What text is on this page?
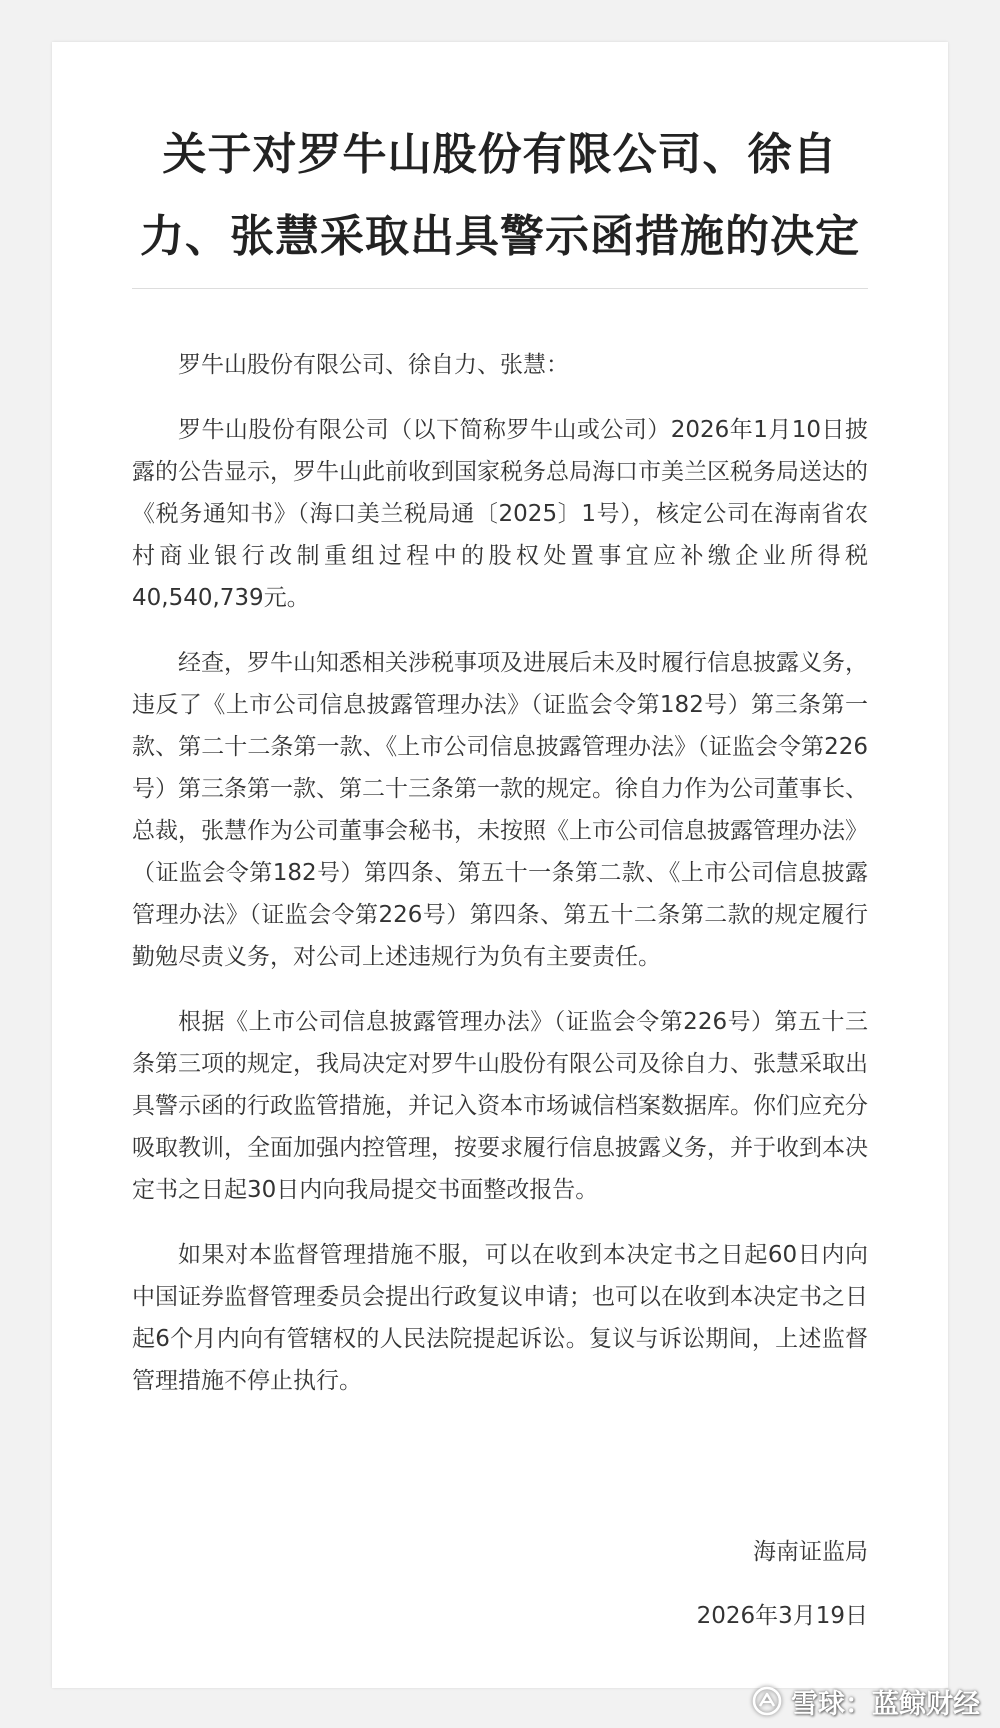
关于对罗牛山股份有限公司、徐自力、张慧采取出具警示函措施的决定

罗牛山股份有限公司、徐自力、张慧：

罗牛山股份有限公司（以下简称罗牛山或公司）2026年1月10日披露的公告显示，罗牛山此前收到国家税务总局海口市美兰区税务局送达的《税务通知书》（海口美兰税局通〔2025〕1号），核定公司在海南省农村商业银行改制重组过程中的股权处置事宜应补缴企业所得税40,540,739元。

经查，罗牛山知悉相关涉税事项及进展后未及时履行信息披露义务，违反了《上市公司信息披露管理办法》（证监会令第182号）第三条第一款、第二十二条第一款、《上市公司信息披露管理办法》（证监会令第226号）第三条第一款、第二十三条第一款的规定。徐自力作为公司董事长、总裁，张慧作为公司董事会秘书，未按照《上市公司信息披露管理办法》（证监会令第182号）第四条、第五十一条第二款、《上市公司信息披露管理办法》（证监会令第226号）第四条、第五十二条第二款的规定履行勤勉尽责义务，对公司上述违规行为负有主要责任。

根据《上市公司信息披露管理办法》（证监会令第226号）第五十三条第三项的规定，我局决定对罗牛山股份有限公司及徐自力、张慧采取出具警示函的行政监管措施，并记入资本市场诚信档案数据库。你们应充分吸取教训，全面加强内控管理，按要求履行信息披露义务，并于收到本决定书之日起30日内向我局提交书面整改报告。

如果对本监督管理措施不服，可以在收到本决定书之日起60日内向中国证券监督管理委员会提出行政复议申请；也可以在收到本决定书之日起6个月内向有管辖权的人民法院提起诉讼。复议与诉讼期间，上述监督管理措施不停止执行。

海南证监局
2026年3月19日
雪球：蓝鲸财经
